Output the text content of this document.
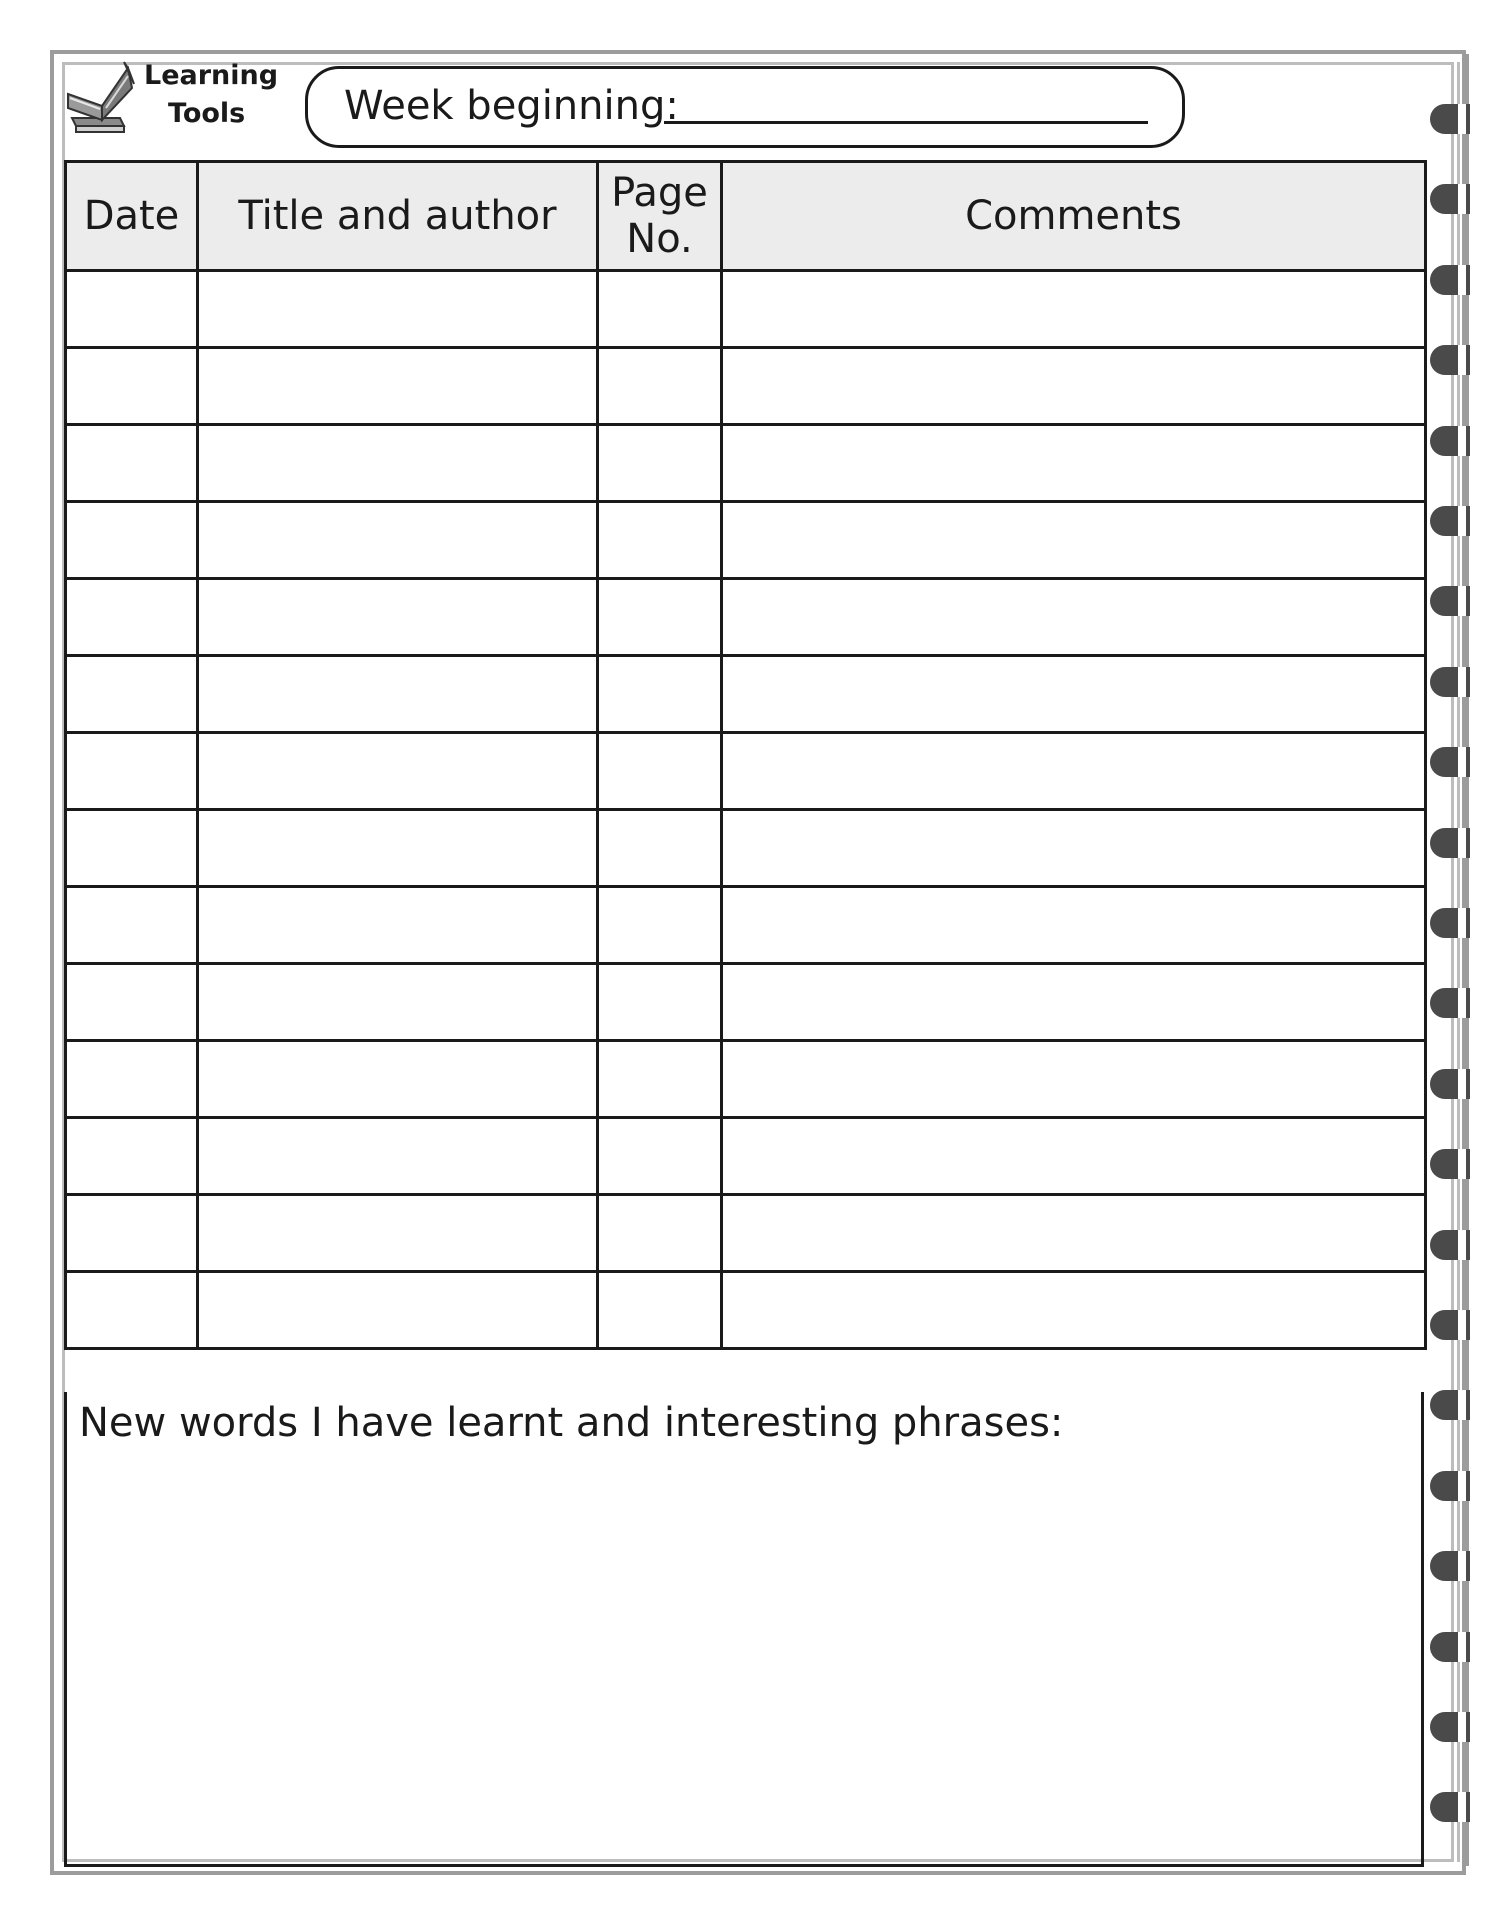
Learning
Tools Week beginning:
Date	Title and author	Page No.	Comments

New words I have learnt and interesting phrases:
